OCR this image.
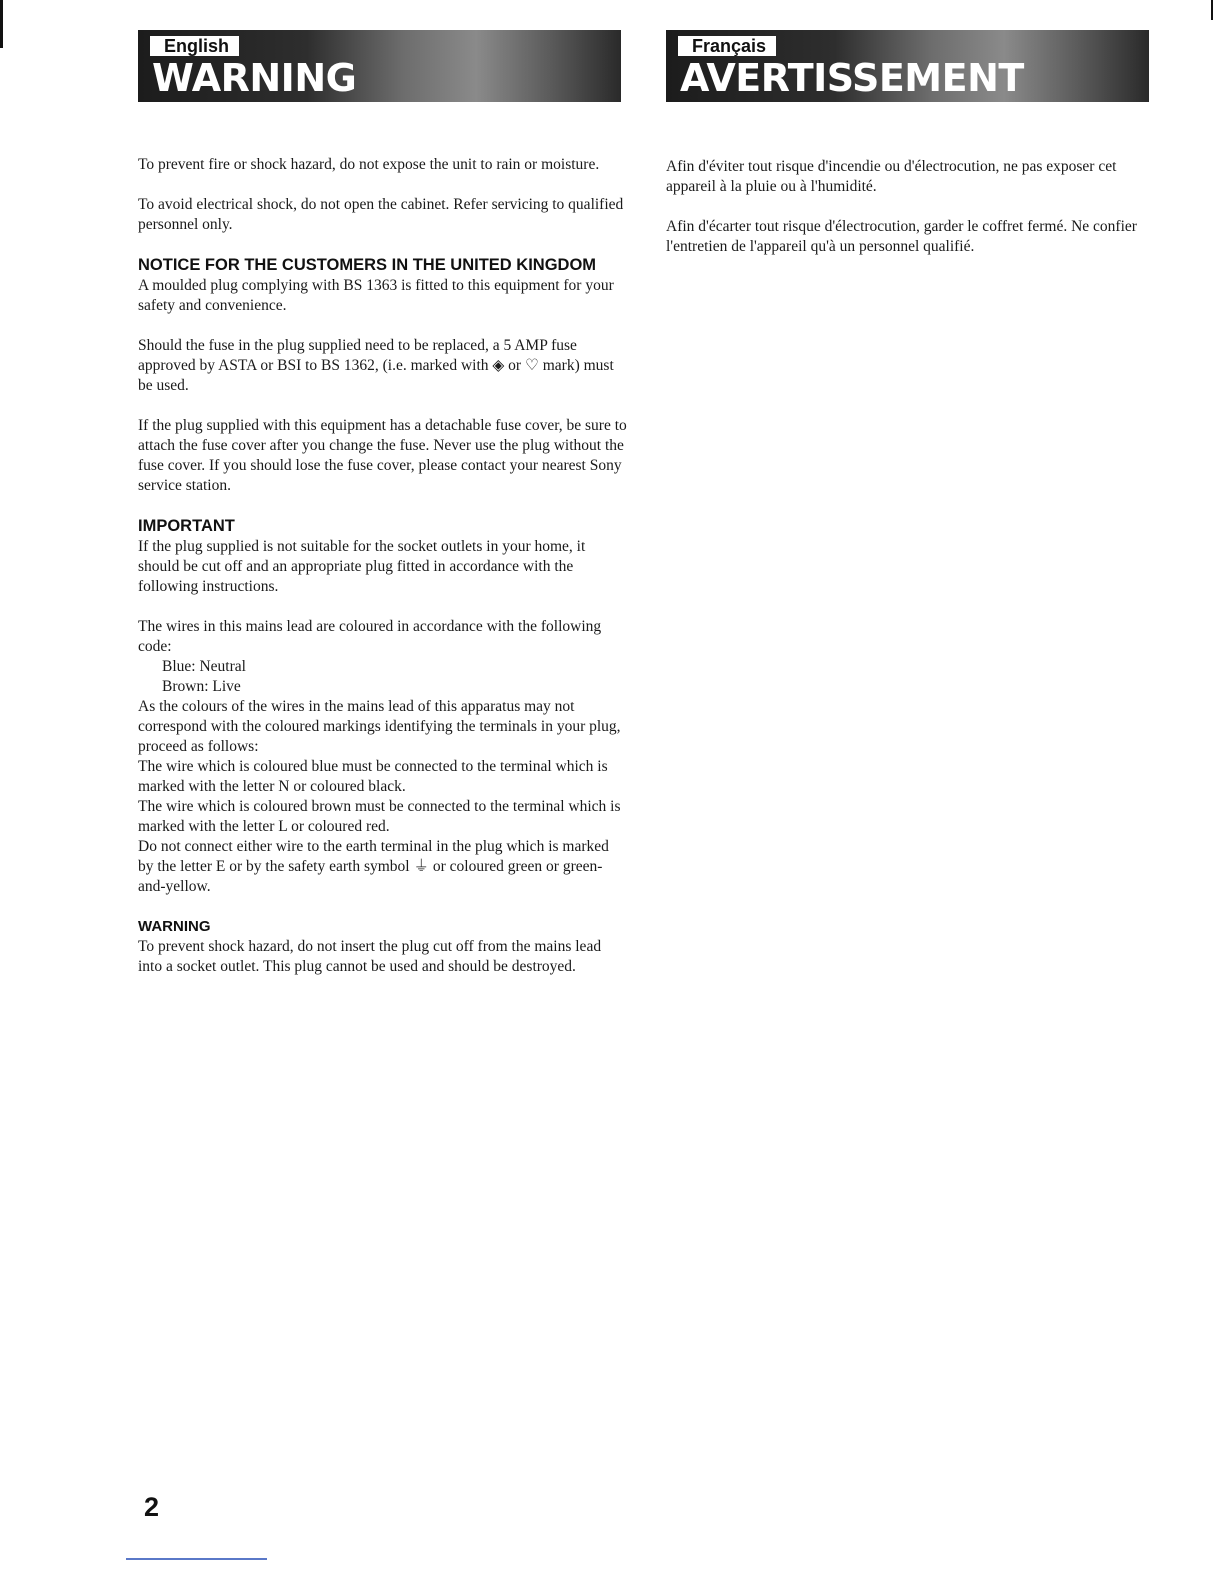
English
WARNING
Français
AVERTISSEMENT

To prevent fire or shock hazard, do not expose the unit to rain or moisture.

To avoid electrical shock, do not open the cabinet. Refer servicing to qualified personnel only.

NOTICE FOR THE CUSTOMERS IN THE UNITED KINGDOM

A moulded plug complying with BS 1363 is fitted to this equipment for your safety and convenience.

Should the fuse in the plug supplied need to be replaced, a 5 AMP fuse approved by ASTA or BSI to BS 1362, (i.e. marked with ◈ or ♡ mark) must be used.

If the plug supplied with this equipment has a detachable fuse cover, be sure to attach the fuse cover after you change the fuse. Never use the plug without the fuse cover. If you should lose the fuse cover, please contact your nearest Sony service station.

IMPORTANT

If the plug supplied is not suitable for the socket outlets in your home, it should be cut off and an appropriate plug fitted in accordance with the following instructions.

The wires in this mains lead are coloured in accordance with the following code:

Blue: Neutral

Brown: Live

As the colours of the wires in the mains lead of this apparatus may not correspond with the coloured markings identifying the terminals in your plug, proceed as follows:

The wire which is coloured blue must be connected to the terminal which is marked with the letter N or coloured black.

The wire which is coloured brown must be connected to the terminal which is marked with the letter L or coloured red.

Do not connect either wire to the earth terminal in the plug which is marked by the letter E or by the safety earth symbol ⏚ or coloured green or green-and-yellow.

WARNING

To prevent shock hazard, do not insert the plug cut off from the mains lead into a socket outlet. This plug cannot be used and should be destroyed.

Afin d'éviter tout risque d'incendie ou d'électrocution, ne pas exposer cet appareil à la pluie ou à l'humidité.

Afin d'écarter tout risque d'électrocution, garder le coffret fermé. Ne confier l'entretien de l'appareil qu'à un personnel qualifié.

2
